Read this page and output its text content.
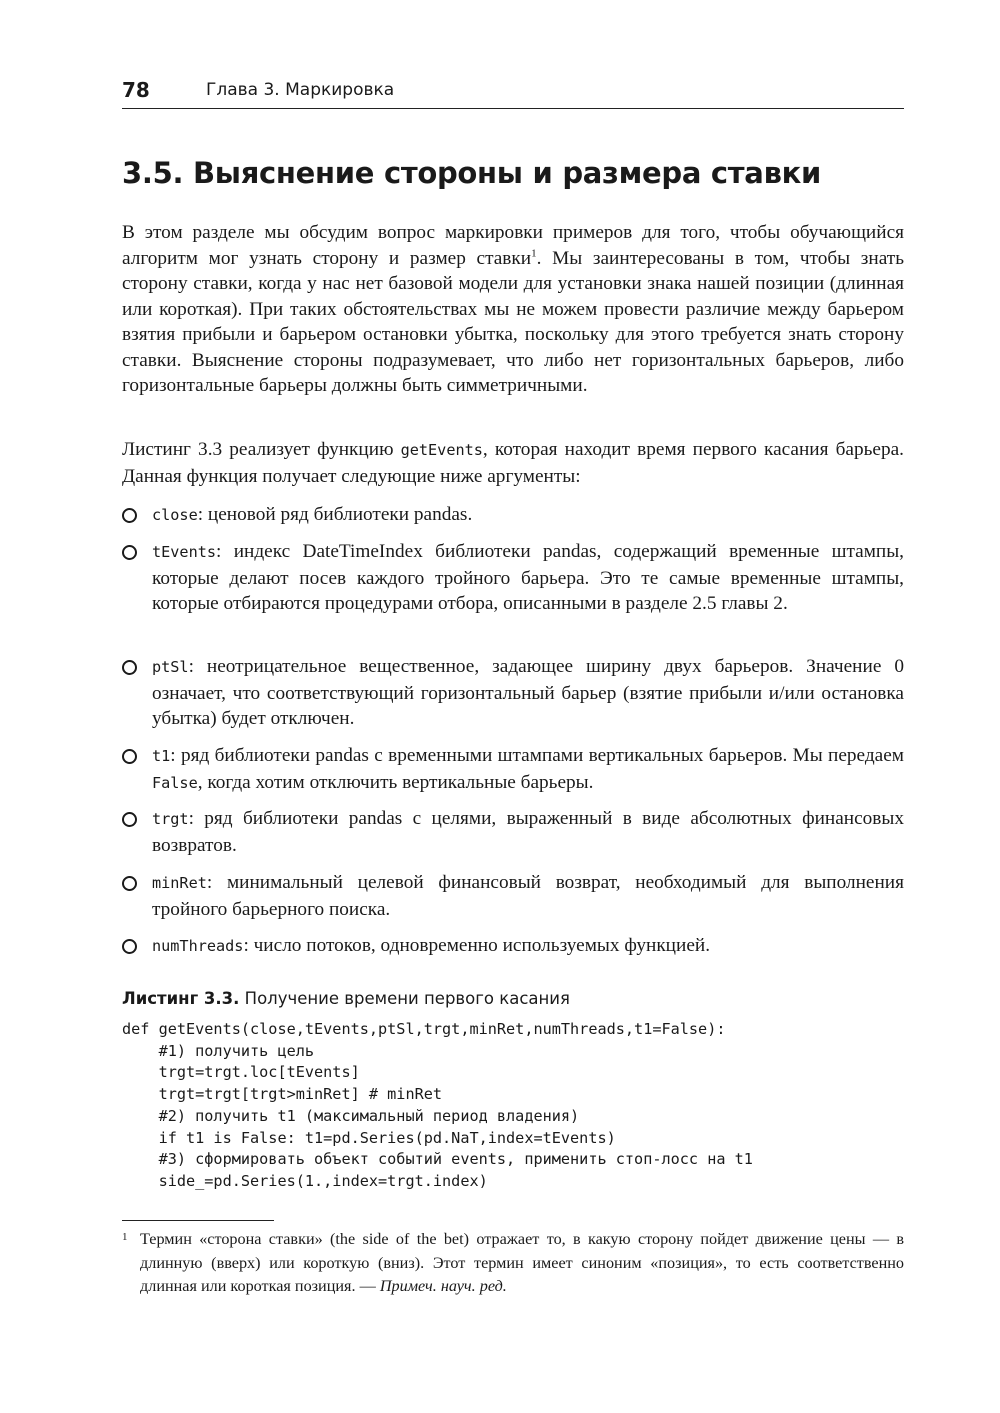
78	Глава 3. Маркировка
3.5. Выяснение стороны и размера ставки

В этом разделе мы обсудим вопрос маркировки примеров для того, чтобы обучающийся алгоритм мог узнать сторону и размер ставки$^1$. Мы заинтересованы в том, чтобы знать сторону ставки, когда у нас нет базовой модели для установки знака нашей позиции (длинная или короткая). При таких обстоятельствах мы не можем провести различие между барьером взятия прибыли и барьером остановки убытка, поскольку для этого требуется знать сторону ставки. Выяснение стороны подразумевает, что либо нет горизонтальных барьеров, либо горизонтальные барьеры должны быть симметричными.

Листинг 3.3 реализует функцию getEvents, которая находит время первого касания барьера. Данная функция получает следующие ниже аргументы:

close: ценовой ряд библиотеки pandas.
tEvents: индекс DateTimeIndex библиотеки pandas, содержащий временные штампы, которые делают посев каждого тройного барьера. Это те самые временные штампы, которые отбираются процедурами отбора, описанными в разделе 2.5 главы 2.
ptSl: неотрицательное вещественное, задающее ширину двух барьеров. Значение 0 означает, что соответствующий горизонтальный барьер (взятие прибыли и/или остановка убытка) будет отключен.
t1: ряд библиотеки pandas с временными штампами вертикальных барьеров. Мы передаем False, когда хотим отключить вертикальные барьеры.
trgt: ряд библиотеки pandas с целями, выраженный в виде абсолютных финансовых возвратов.
minRet: минимальный целевой финансовый возврат, необходимый для выполнения тройного барьерного поиска.
numThreads: число потоков, одновременно используемых функцией.
Листинг 3.3. Получение времени первого касания
def getEvents(close,tEvents,ptSl,trgt,minRet,numThreads,t1=False):
#1) получить цель
trgt=trgt.loc[tEvents]
trgt=trgt[trgt>minRet] # minRet
#2) получить t1 (максимальный период владения)
if t1 is False: t1=pd.Series(pd.NaT,index=tEvents)
#3) сформировать объект событий events, применить стоп-лосс на t1
side_=pd.Series(1.,index=trgt.index)
1 Термин «сторона ставки» (the side of the bet) отражает то, в какую сторону пойдет движение цены — в длинную (вверх) или короткую (вниз). Этот термин имеет синоним «позиция», то есть соответственно длинная или короткая позиция. — Примеч. науч. ред.
